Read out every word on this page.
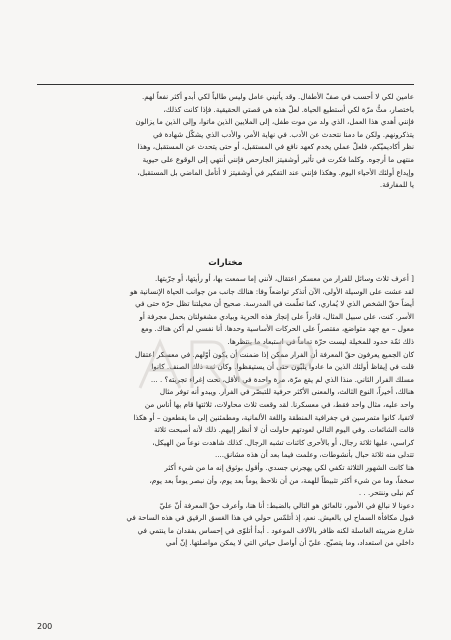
عامين لكي لا أحسب في صفّ الأطفال. وقد يأتيني عامل وليس طالباً لكي أبدو أكثر نفعاً لهم.

باختصار، متُّ مرّة لكي أستطيع الحياة. لعلّ هذه هي قصتي الحقيقية. فإذا كانت كذلك،

فإنني أهدي هذا العمل، الذي ولد من موت طفل، إلى الملايين الذين ماتوا، وإلى الذين ما يزالون

يتذكرونهم. ولكن ما دمنا نتحدث عن الأدب. في نهاية الأمر، والأدب الذي يشكّل شهادة في

نظر أكاديميّكم، فلعلّ عملي يخدم كعهد نافع في المستقبل، أو حتى يتحدث عن المستقبل، وهذا

منتهى ما أرجوه. وكلما فكرت في تأثير أوشفيتز الجارحص فإنني أنتهي إلى الوقوع على حيوية

وإيداع أولئك الأحياء اليوم. وهكذا فإنني عند التفكير في أوشفيتز لا أتأمل الماضي بل المستقبل،

يا للمفارقة.

مختارات

[ أعرف ثلاث وسائل للفرار من معسكر اعتقال، لأنني إما سمعت بها، أو رأيتها، أو جرّبتها.

لقد عشت على الوسيلة الأولى، الآن أتذكر تواضعاً وفا: هنالك جانب من جوانب الحياة الإنسانية هو

أيضاً حقّ الشخص الذي لا يُماري، كما تعلّمت في المدرسة. صحيح أن مخيلتنا تظل حرّة حتى في

الأسر. كنت، على سبيل المثال، قادراً على إنجاز هذه الحرية وبيادي مشغولتان بحمل مجرفة أو

معول – مع جهد متواضع، مقتصراً على الحركات الأساسية وحدها. أنا نفسي لم أكن هناك. ومع

ذلك ثمّة حدود للمخيلة ليست حرّة تماماً في استبعاد ما ينتظرها.

كان الجميع يعرفون حقّ المعرفة أن الفرار ممكن إذا ضمنت أن يكون أوّلهم. في معسكر اعتقال

قلت في إيقاظ أولئك الذين ما عادوا يلبّون حتى أن يستيقظوا. وكان ثمة ذلك الصنف. كانوا

مسلك الفرار الثاني. منذا الذي لم يقع مرّة، مرة واحدة في الأقل، تحت إغراء تجربته؟ . ...

هنالك، أخيراً، النوع الثالث، والمعنى الأكثر حرفية للتبصّر في الفرار. ويبدو أنه توفر مثال

واحد عليه، مثال واحد فقط، في معسكرنا. لقد وقعت ثلاث محاولات، ثلاثتها قام بها أناس من

لاتفيا، كانوا متمرسين في جغرافية المنطقة واللغة الألمانية، ومطمئنين إلى ما يقطعون – أو هكذا

قالت الشائعات. وفي اليوم التالي لعودتهم حاولت أن لا أنظر إليهم. ذلك لأنه أصبحت ثلاثة

كراسي، عليها ثلاثة رجال، أو بالأحرى كائنات تشبه الرجال. كذلك شاهدت نوعاً من الهيكل،

تتدلى منه ثلاثة حبال بأنشوطات، وعلمت فيما بعد أن هذه مشانق....

هنا كانت الشهور الثلاثة تكفي لكي يهجرني جسدي. وأقول بوثوق إنه ما من شيء أكثر

سخفاً، وما من شيء أكثر تثبيطاً للهمة، من أن نلاحظ يوماً بعد يوم، وأن نبصر يوماً بعد يوم،

كم نبلى وننتحر. . .

دعونا لا نبالغ في الأمور، ثالعائق هو التالي بالضبط: أنا هنا، وأعرف حقّ المعرفة أنّ عليّ

قبول مكافأة السماح لي بالعيش. نعم، إذ أتلمّس حولي في هذا الغسق الرقيق في هذه الساحة في

شارع ضريبته الغاسلة لكنه ظافر بالآلاف الموعود . أبدأ أتلوّى في إحساس بفقدان ما ينتمي في

داخلي من استعداد، وما يتصبّح. عليّ أن أواصل حياتي التي لا يمكن مواصلتها. إنّ أمي

200
